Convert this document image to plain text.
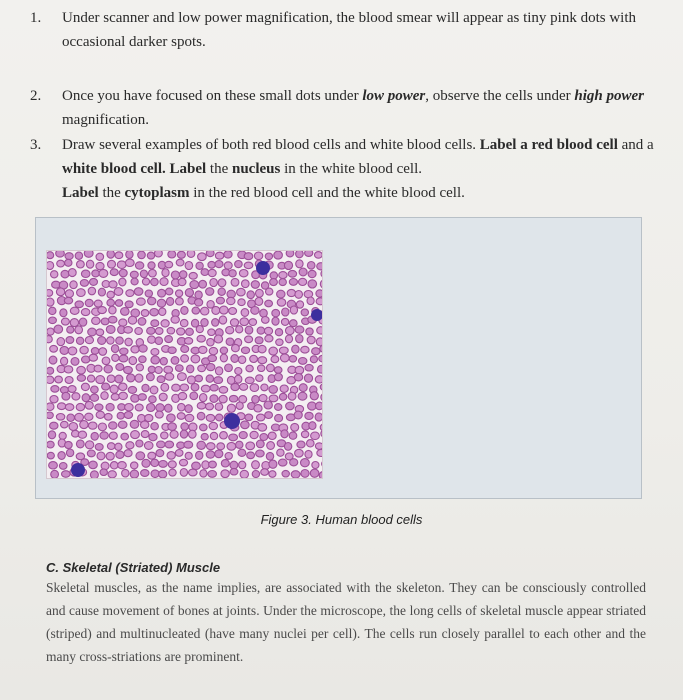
1.	Under scanner and low power magnification, the blood smear will appear as tiny pink dots with occasional darker spots.
2.	Once you have focused on these small dots under low power, observe the cells under high power magnification.
3.	Draw several examples of both red blood cells and white blood cells. Label a red blood cell and a white blood cell. Label the nucleus in the white blood cell.
Label the cytoplasm in the red blood cell and the white blood cell.
Figure 3. Human blood cells
C. Skeletal (Striated) Muscle
Skeletal muscles, as the name implies, are associated with the skeleton. They can be consciously controlled and cause movement of bones at joints. Under the microscope, the long cells of skeletal muscle appear striated (striped) and multinucleated (have many nuclei per cell). The cells run closely parallel to each other and the many cross-striations are prominent.
